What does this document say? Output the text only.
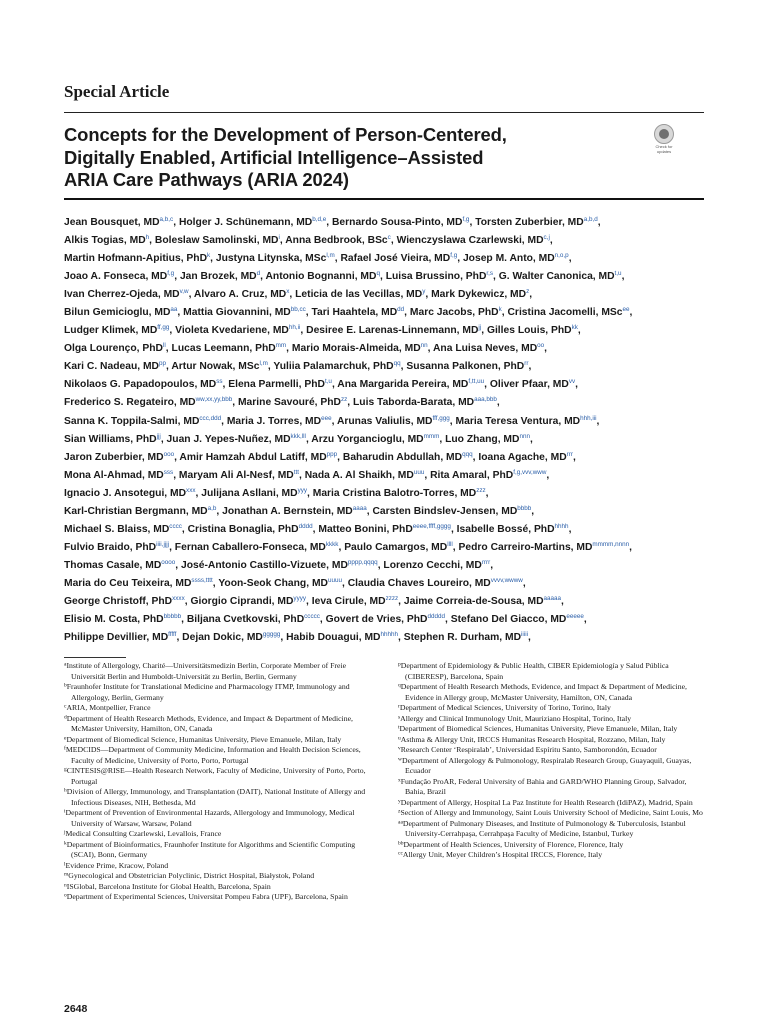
Special Article
Concepts for the Development of Person-Centered,
Digitally Enabled, Artificial Intelligence–Assisted
ARIA Care Pathways (ARIA 2024)
Check for updates
Jean Bousquet, MD$^{a,b,c}$, Holger J. Schünemann, MD$^{b,d,e}$, Bernardo Sousa-Pinto, MD$^{f,g}$, Torsten Zuberbier, MD$^{a,b,d}$,
Alkis Togias, $MD^h$, Boleslaw Samolinski, $MD^i$, Anna Bedbrook, BSc$^c$, Wienczyslawa Czarlewski, MD$^{c,j}$,
Martin Hofmann-Apitius, PhD$^k$, Justyna Litynska, MSc$^{l,m}$, Rafael José Vieira, MD$^{f,g}$, Josep M. Anto, MD$^{n,o,p}$,
Joao A. Fonseca, MD$^{f,g}$, Jan Brozek, $MD^d$, Antonio Bognanni, $MD^q$, Luisa Brussino, PhD$^{r,s}$, G. Walter Canonica, MD$^{t,u}$,
Ivan Cherrez-Ojeda, MD$^{v,w}$, Alvaro A. Cruz, $MD^x$, Leticia de las Vecillas, $MD^y$, Mark Dykewicz, $MD^z$,
Bilun Gemicioglu, $MD^{aa}$, Mattia Giovannini, $MD^{bb,cc}$, Tari Haahtela, $MD^{dd}$, Marc Jacobs, PhD$^k$, Cristina Jacomelli, MSc$^{ee}$,
Ludger Klimek, $MD^{ff,gg}$, Violeta Kvedariene, $MD^{hh,ii}$, Desiree E. Larenas-Linnemann, $MD^{jj}$, Gilles Louis, PhD$^{kk}$,
Olga Lourenço, PhD$^{ll}$, Lucas Leemann, PhD$^{mm}$, Mario Morais-Almeida, $MD^{nn}$, Ana Luisa Neves, $MD^{oo}$,
Kari C. Nadeau, $MD^{pp}$, Artur Nowak, MSc$^{l,m}$, Yuliia Palamarchuk, PhD$^{qq}$, Susanna Palkonen, PhD$^{rr}$,
Nikolaos G. Papadopoulos, $MD^{ss}$, Elena Parmelli, PhD$^{t,u}$, Ana Margarida Pereira, $MD^{f,tt,uu}$, Oliver Pfaar, MD$^{vv}$,
Frederico S. Regateiro, $MD^{ww,xx,yy,bbb}$, Marine Savouré, PhD$^{zz}$, Luis Taborda-Barata, $MD^{aaa,bbb}$,
Sanna K. Toppila-Salmi, $MD^{ccc,ddd}$, Maria J. Torres, $MD^{eee}$, Arunas Valiulis, $MD^{fff,ggg}$, Maria Teresa Ventura, $MD^{hhh,iii}$,
Sian Williams, PhD$^{jjj}$, Juan J. Yepes-Nuñez, $MD^{kkk,lll}$, Arzu Yorgancioglu, $MD^{mmm}$, Luo Zhang, $MD^{nnn}$,
Jaron Zuberbier, $MD^{ooo}$, Amir Hamzah Abdul Latiff, $MD^{ppp}$, Baharudin Abdullah, $MD^{qqq}$, Ioana Agache, $MD^{rrr}$,
Mona Al-Ahmad, $MD^{sss}$, Maryam Ali Al-Nesf, $MD^{ttt}$, Nada A. Al Shaikh, $MD^{uuu}$, Rita Amaral, PhD$^{f,g,vvv,www}$,
Ignacio J. Ansotegui, MD$^{xxx}$, Julijana Asllani, $MD^{yyy}$, Maria Cristina Balotro-Torres, $MD^{zzz}$,
Karl-Christian Bergmann, MD$^{a,b}$, Jonathan A. Bernstein, $MD^{aaaa}$, Carsten Bindslev-Jensen, $MD^{bbbb}$,
Michael S. Blaiss, $MD^{cccc}$, Cristina Bonaglia, PhD$^{dddd}$, Matteo Bonini, PhD$^{eeee,ffff,gggg}$, Isabelle Bossé, PhD$^{hhhh}$,
Fulvio Braido, PhD$^{iiii,jjjj}$, Fernan Caballero-Fonseca, $MD^{kkkk}$, Paulo Camargos, $MD^{llll}$, Pedro Carreiro-Martins, $MD^{mmmm,nnnn}$,
Thomas Casale, $MD^{oooo}$, José-Antonio Castillo-Vizuete, $MD^{pppp,qqqq}$, Lorenzo Cecchi, $MD^{rrrr}$,
Maria do Ceu Teixeira, $MD^{ssss,tttt}$, Yoon-Seok Chang, $MD^{uuuu}$, Claudia Chaves Loureiro, $MD^{vvvv,wwww}$,
George Christoff, PhD$^{xxxx}$, Giorgio Ciprandi, $MD^{yyyy}$, Ieva Cirule, $MD^{zzzz}$, Jaime Correia-de-Sousa, $MD^{aaaaa}$,
Elisio M. Costa, PhD$^{bbbbb}$, Biljana Cvetkovski, PhD$^{ccccc}$, Govert de Vries, PhD$^{ddddd}$, Stefano Del Giacco, $MD^{eeeee}$,
Philippe Devillier, $MD^{fffff}$, Dejan Dokic, $MD^{ggggg}$, Habib Douagui, $MD^{hhhhh}$, Stephen R. Durham, $MD^{iiiii}$,
$^a$Institute of Allergology, Charité—Universitätsmedizin Berlin, Corporate Member of Freie Universität Berlin and Humboldt-Universität zu Berlin, Berlin, Germany
$^b$Fraunhofer Institute for Translational Medicine and Pharmacology ITMP, Immunology and Allergology, Berlin, Germany
$^c$ARIA, Montpellier, France
$^d$Department of Health Research Methods, Evidence, and Impact & Department of Medicine, McMaster University, Hamilton, ON, Canada
$^e$Department of Biomedical Science, Humanitas University, Pieve Emanuele, Milan, Italy
$^f$MEDCIDS—Department of Community Medicine, Information and Health Decision Sciences, Faculty of Medicine, University of Porto, Porto, Portugal
$^g$CINTESIS@RISE—Health Research Network, Faculty of Medicine, University of Porto, Porto, Portugal
$^h$Division of Allergy, Immunology, and Transplantation (DAIT), National Institute of Allergy and Infectious Diseases, NIH, Bethesda, Md
$^i$Department of Prevention of Environmental Hazards, Allergology and Immunology, Medical University of Warsaw, Warsaw, Poland
$^j$Medical Consulting Czarlewski, Levallois, France
$^k$Department of Bioinformatics, Fraunhofer Institute for Algorithms and Scientific Computing (SCAI), Bonn, Germany
$^l$Evidence Prime, Kracow, Poland
$^m$Gynecological and Obstetrician Polyclinic, District Hospital, Białystok, Poland
$^n$ISGlobal, Barcelona Institute for Global Health, Barcelona, Spain
$^o$Department of Experimental Sciences, Universitat Pompeu Fabra (UPF), Barcelona, Spain
$^p$Department of Epidemiology & Public Health, CIBER Epidemiología y Salud Pública (CIBERESP), Barcelona, Spain
$^q$Department of Health Research Methods, Evidence, and Impact & Department of Medicine, Evidence in Allergy group, McMaster University, Hamilton, ON, Canada
$^r$Department of Medical Sciences, University of Torino, Torino, Italy
$^s$Allergy and Clinical Immunology Unit, Mauriziano Hospital, Torino, Italy
$^t$Department of Biomedical Sciences, Humanitas University, Pieve Emanuele, Milan, Italy
$^u$Asthma & Allergy Unit, IRCCS Humanitas Research Hospital, Rozzano, Milan, Italy
$^v$Research Center ‘Respiralab’, Universidad Espíritu Santo, Samborondón, Ecuador
$^w$Department of Allergology & Pulmonology, Respiralab Research Group, Guayaquil, Guayas, Ecuador
$^x$Fundação ProAR, Federal University of Bahia and GARD/WHO Planning Group, Salvador, Bahia, Brazil
$^y$Department of Allergy, Hospital La Paz Institute for Health Research (IdiPAZ), Madrid, Spain
$^z$Section of Allergy and Immunology, Saint Louis University School of Medicine, Saint Louis, Mo
$^{aa}$Department of Pulmonary Diseases, and Institute of Pulmonology & Tuberculosis, Istanbul University-Cerrahpaşa, Cerrahpaşa Faculty of Medicine, Istanbul, Turkey
$^{bb}$Department of Health Sciences, University of Florence, Florence, Italy
$^{cc}$Allergy Unit, Meyer Children’s Hospital IRCCS, Florence, Italy
2648
